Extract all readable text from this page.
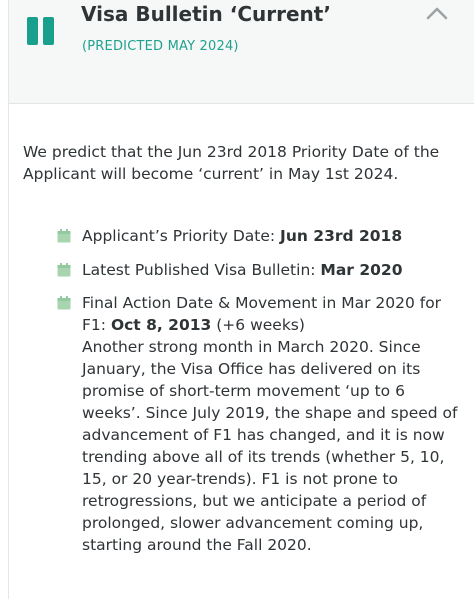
Visa Bulletin ‘Current’
(PREDICTED MAY 2024)
We predict that the Jun 23rd 2018 Priority Date of the Applicant will become ‘current’ in May 1st 2024.
Applicant’s Priority Date: Jun 23rd 2018
Latest Published Visa Bulletin: Mar 2020
Final Action Date & Movement in Mar 2020 for
F1: Oct 8, 2013 (+6 weeks)
Another strong month in March 2020. Since
January, the Visa Office has delivered on its
promise of short-term movement ‘up to 6
weeks’. Since July 2019, the shape and speed of
advancement of F1 has changed, and it is now
trending above all of its trends (whether 5, 10,
15, or 20 year-trends). F1 is not prone to
retrogressions, but we anticipate a period of
prolonged, slower advancement coming up,
starting around the Fall 2020.
